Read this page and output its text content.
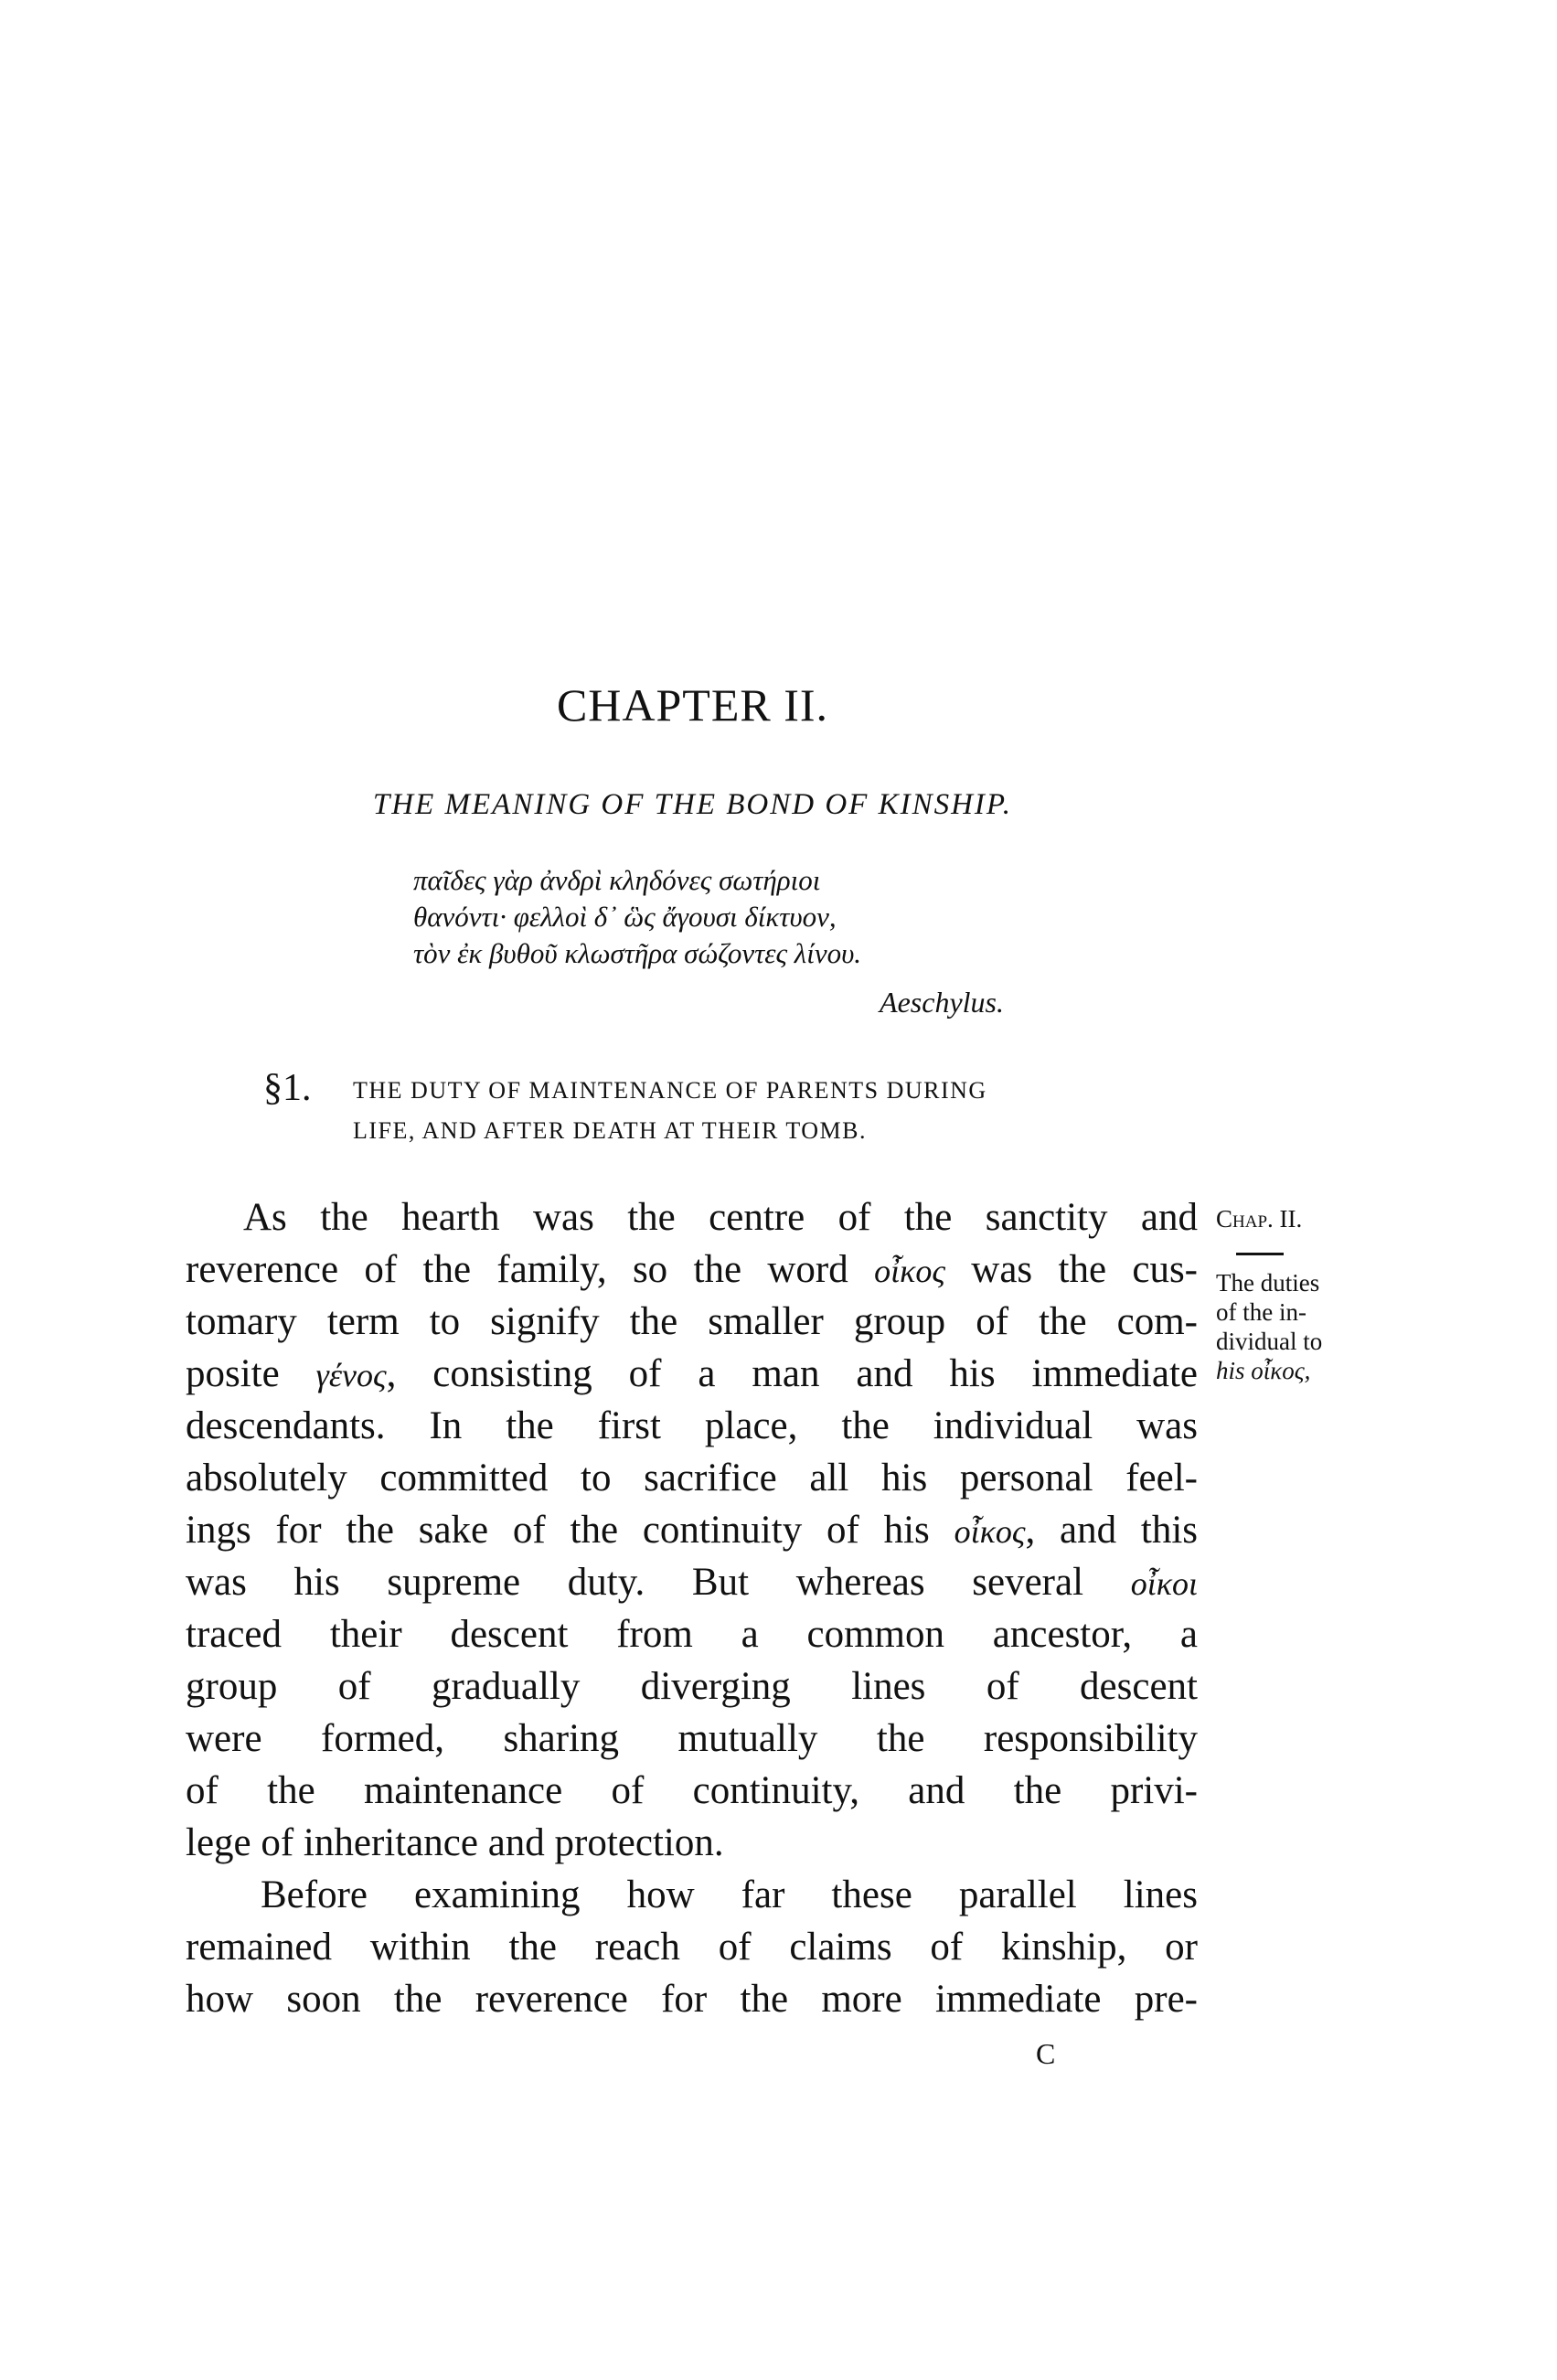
CHAPTER II.
THE MEANING OF THE BOND OF KINSHIP.
παῖδες γὰρ ἀνδρὶ κληδόνες σωτήριοι
θανόντι· φελλοὶ δ᾽ ὣς ἄγουσι δίκτυον,
τὸν ἐκ βυθοῦ κλωστῆρα σώζοντες λίνου.
Aeschylus.
§1. THE DUTY OF MAINTENANCE OF PARENTS DURING
LIFE, AND AFTER DEATH AT THEIR TOMB.
Chap. II.
The duties
of the in-
dividual to
his οἶκος,
As the hearth was the centre of the sanctity and
reverence of the family, so the word οἶκος was the cus-
tomary term to signify the smaller group of the com-
posite γένος, consisting of a man and his immediate
descendants. In the first place, the individual was
absolutely committed to sacrifice all his personal feel-
ings for the sake of the continuity of his οἶκος, and this
was his supreme duty. But whereas several οἶκοι
traced their descent from a common ancestor, a
group of gradually diverging lines of descent
were formed, sharing mutually the responsibility
of the maintenance of continuity, and the privi-
lege of inheritance and protection.
Before examining how far these parallel lines
remained within the reach of claims of kinship, or
how soon the reverence for the more immediate pre-
C
